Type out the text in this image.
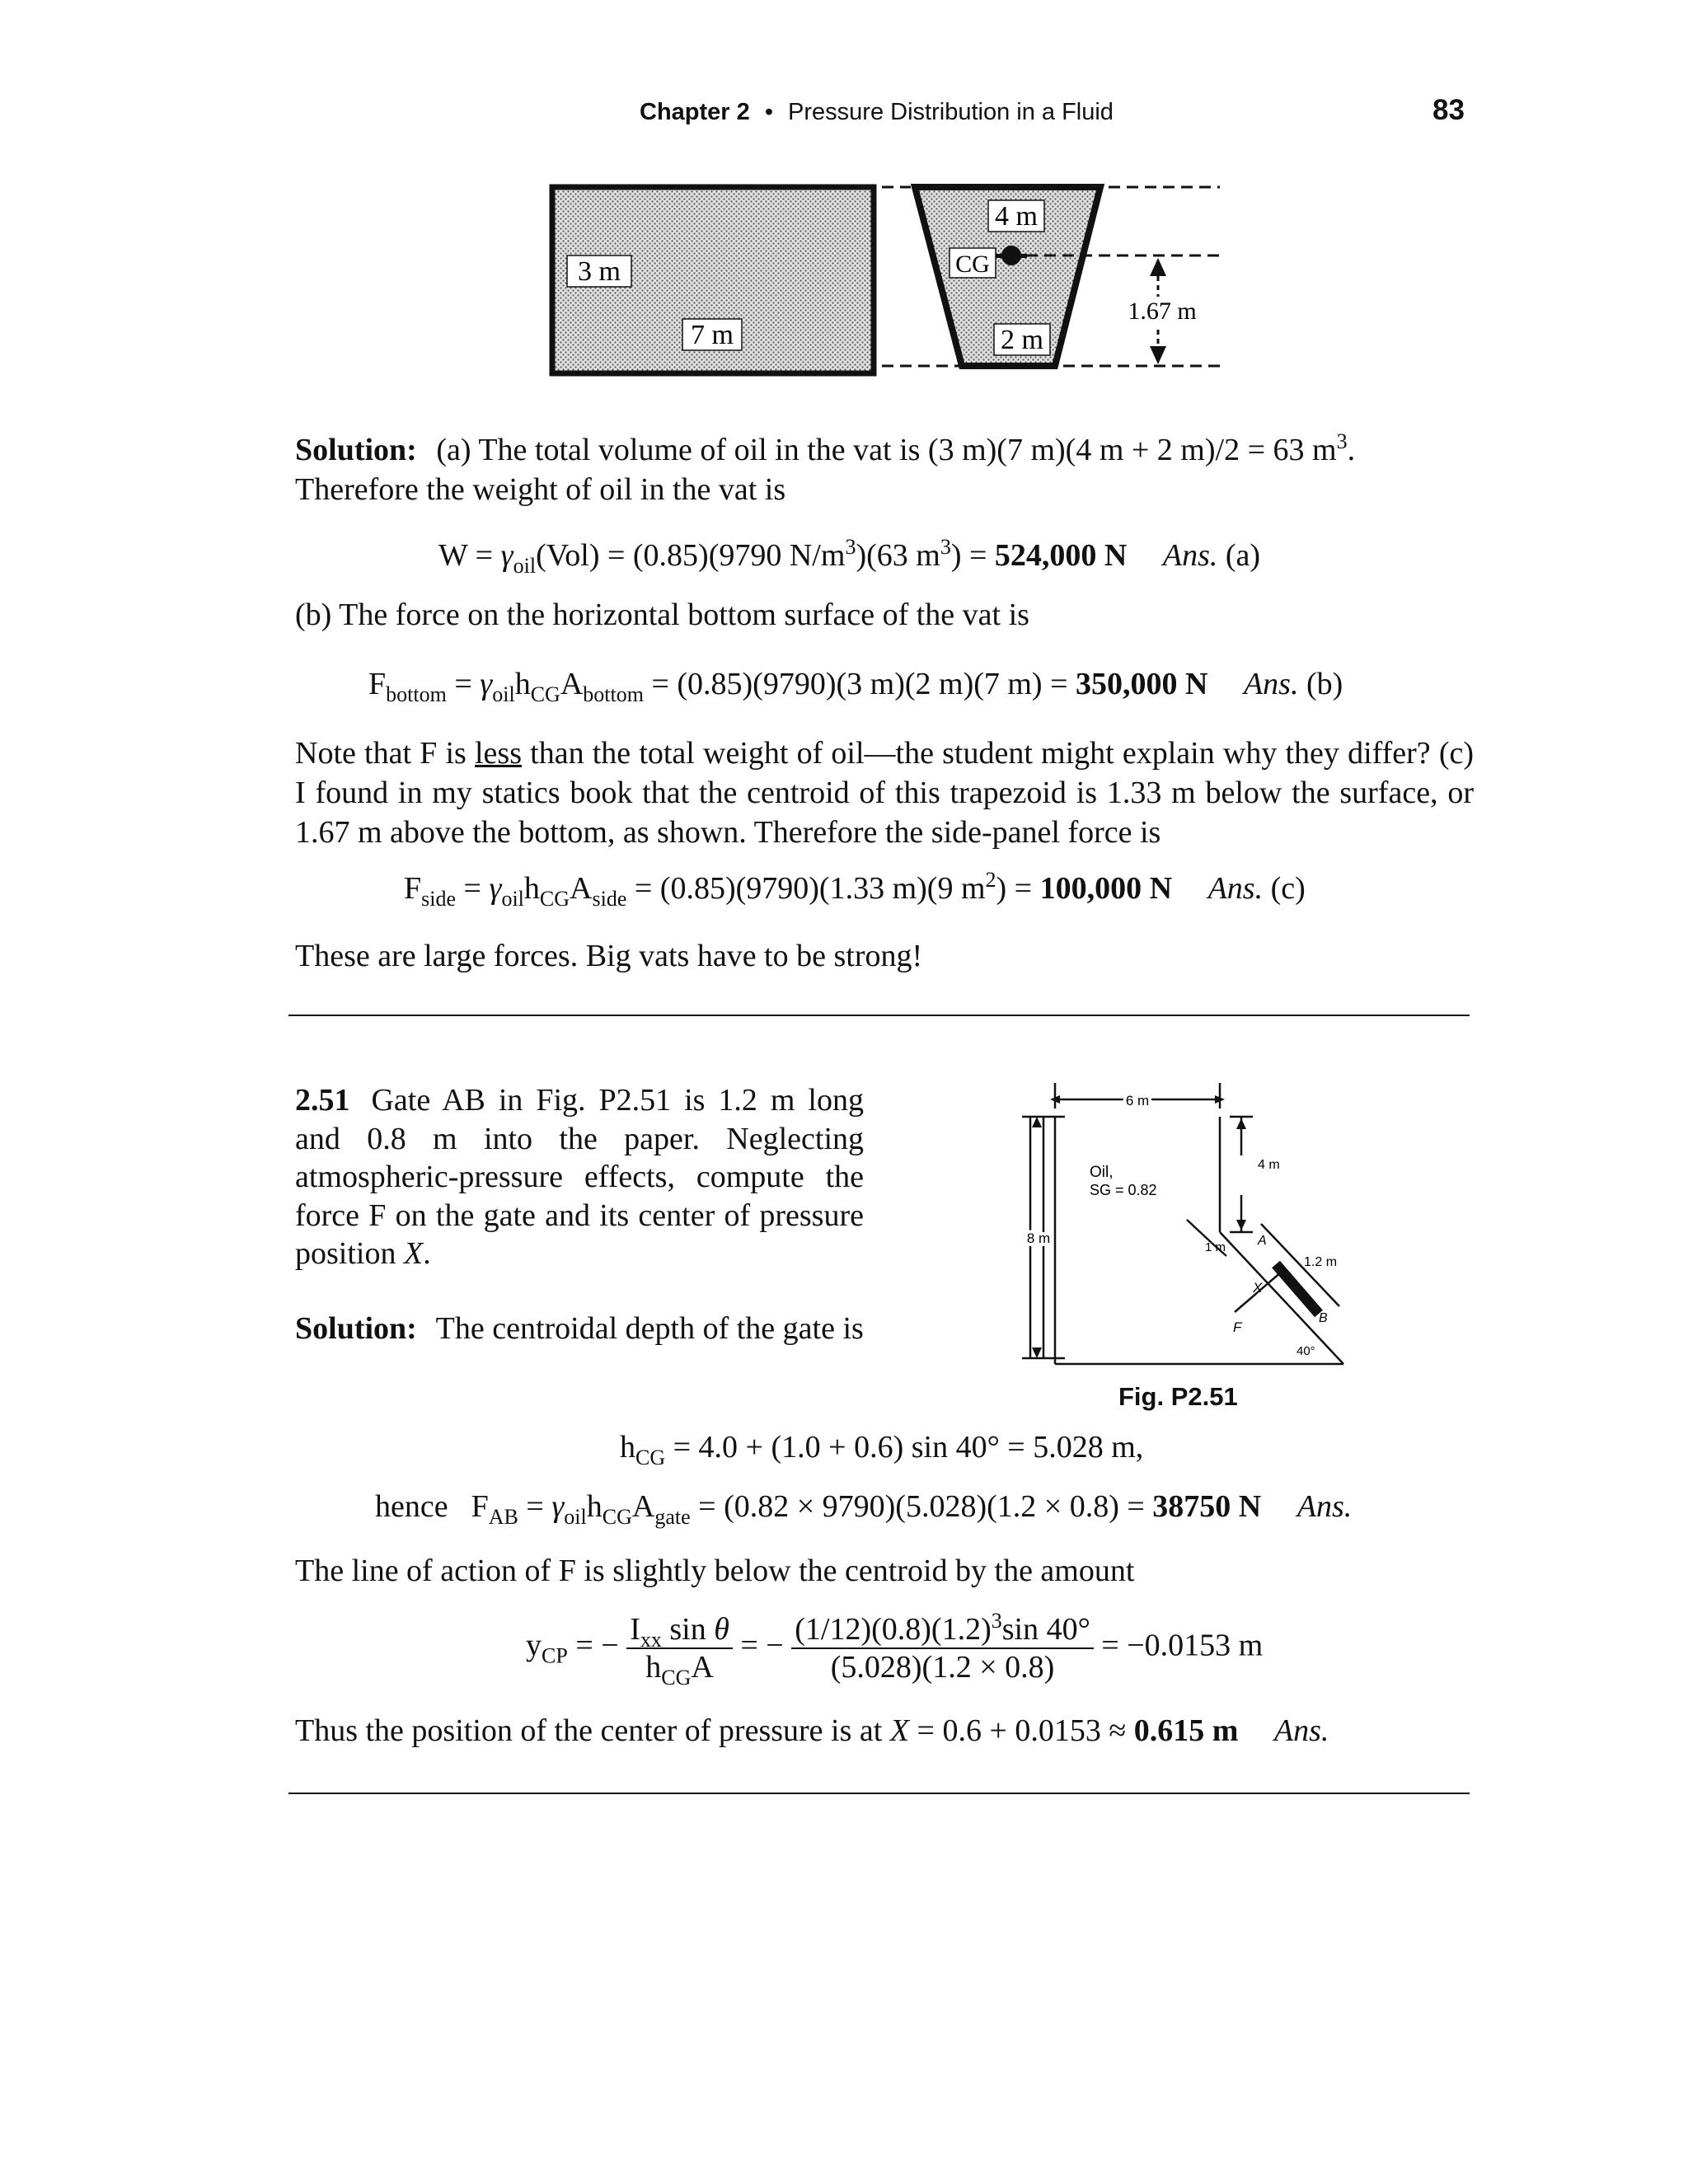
Chapter 2 • Pressure Distribution in a Fluid	83
3 m
7 m
4 m
CG
2 m
1.67 m
Solution: (a) The total volume of oil in the vat is (3 m)(7 m)(4 m + 2 m)/2 = 63 $m^3$.
Therefore the weight of oil in the vat is
$W = \gamma_{oil}(Vol) = (0.85)(9790$ $N/m^3)(63$ $m^3) = 524,000$ N Ans. (a)
(b) The force on the horizontal bottom surface of the vat is
$F_{bottom} = \gamma_{oil}h_{CG}A_{bottom} = (0.85)(9790)(3$ m)(2 m)(7 m) = 350,000 N Ans. (b)
Note that F is less than the total weight of oil—the student might explain why they differ? (c) I found in my statics book that the centroid of this trapezoid is 1.33 m below the surface, or 1.67 m above the bottom, as shown. Therefore the side-panel force is
$F_{side} = \gamma_{oil}h_{CG}A_{side} = (0.85)(9790)(1.33$ m)(9 $m^2) = 100,000$ N Ans. (c)
These are large forces. Big vats have to be strong!
2.51 Gate AB in Fig. P2.51 is 1.2 m long and 0.8 m into the paper. Neglecting atmospheric-pressure effects, compute the force F on the gate and its center of pressure position X.
Solution: The centroidal depth of the gate is
6 m
8 m
4 m
Oil,
SG = 0.82
1 m
1.2 m
A
B
X
F
40°
Fig. P2.51
$h_{CG} = 4.0 + (1.0 + 0.6)$ sin 40° = 5.028 m,
hence $F_{AB} = \gamma_{oil}h_{CG}A_{gate} = (0.82 \times 9790)(5.028)(1.2 \times 0.8) = 38750$ N Ans.
The line of action of F is slightly below the centroid by the amount
$y_{CP}$ = − $\frac{I_{xx} \sin \theta}{h_{CG}A}$ = − $\frac{(1/12)(0.8)(1.2)^3\sin 40^\circ}{(5.028)(1.2 \times 0.8)} = -0.0153$ m
Thus the position of the center of pressure is at X = 0.6 + 0.0153 ≈ 0.615 m Ans.
